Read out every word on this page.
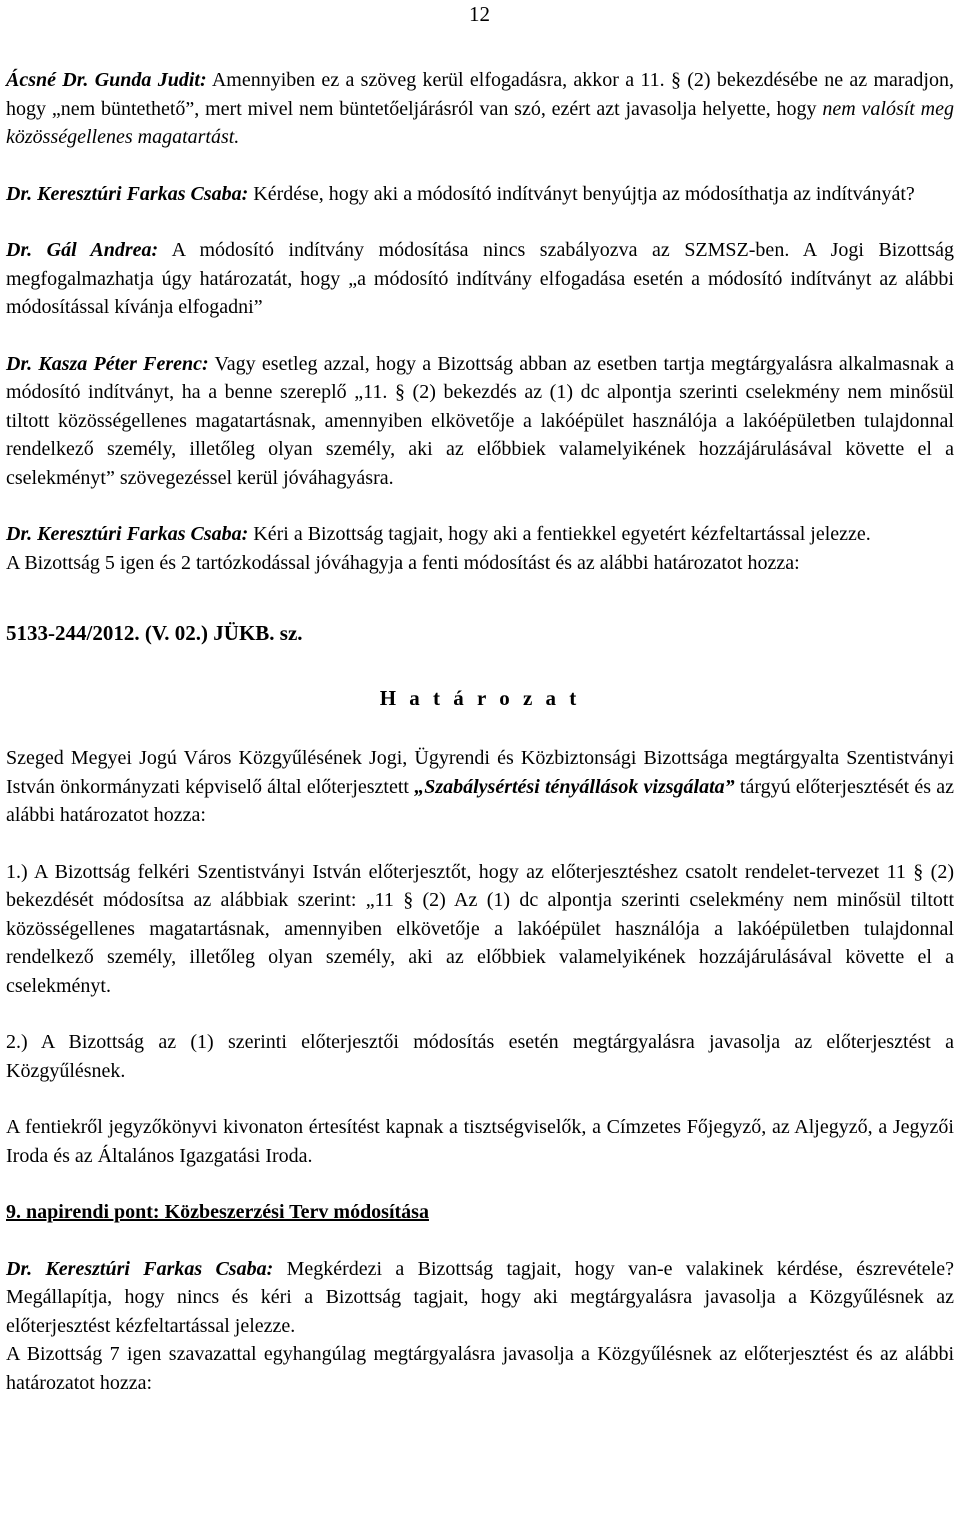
12

Ácsné Dr. Gunda Judit: Amennyiben ez a szöveg kerül elfogadásra, akkor a 11. § (2) bekezdésébe ne az maradjon, hogy „nem büntethető”, mert mivel nem büntetőeljárásról van szó, ezért azt javasolja helyette, hogy nem valósít meg közösségellenes magatartást.

Dr. Keresztúri Farkas Csaba: Kérdése, hogy aki a módosító indítványt benyújtja az módosíthatja az indítványát?

Dr. Gál Andrea: A módosító indítvány módosítása nincs szabályozva az SZMSZ-ben. A Jogi Bizottság megfogalmazhatja úgy határozatát, hogy „a módosító indítvány elfogadása esetén a módosító indítványt az alábbi módosítással kívánja elfogadni”

Dr. Kasza Péter Ferenc: Vagy esetleg azzal, hogy a Bizottság abban az esetben tartja megtárgyalásra alkalmasnak a módosító indítványt, ha a benne szereplő „11. § (2) bekezdés az (1) dc alpontja szerinti cselekmény nem minősül tiltott közösségellenes magatartásnak, amennyiben elkövetője a lakóépület használója a lakóépületben tulajdonnal rendelkező személy, illetőleg olyan személy, aki az előbbiek valamelyikének hozzájárulásával követte el a cselekményt” szövegezéssel kerül jóváhagyásra.

Dr. Keresztúri Farkas Csaba: Kéri a Bizottság tagjait, hogy aki a fentiekkel egyetért kézfeltartással jelezze.

A Bizottság 5 igen és 2 tartózkodással jóváhagyja a fenti módosítást és az alábbi határozatot hozza:

5133-244/2012. (V. 02.) JÜKB. sz.

H a t á r o z a t

Szeged Megyei Jogú Város Közgyűlésének Jogi, Ügyrendi és Közbiztonsági Bizottsága megtárgyalta Szentistványi István önkormányzati képviselő által előterjesztett „Szabálysértési tényállások vizsgálata” tárgyú előterjesztését és az alábbi határozatot hozza:

1.) A Bizottság felkéri Szentistványi István előterjesztőt, hogy az előterjesztéshez csatolt rendelet-tervezet 11 § (2) bekezdését módosítsa az alábbiak szerint: „11 § (2) Az (1) dc alpontja szerinti cselekmény nem minősül tiltott közösségellenes magatartásnak, amennyiben elkövetője a lakóépület használója a lakóépületben tulajdonnal rendelkező személy, illetőleg olyan személy, aki az előbbiek valamelyikének hozzájárulásával követte el a cselekményt.

2.) A Bizottság az (1) szerinti előterjesztői módosítás esetén megtárgyalásra javasolja az előterjesztést a Közgyűlésnek.

A fentiekről jegyzőkönyvi kivonaton értesítést kapnak a tisztségviselők, a Címzetes Főjegyző, az Aljegyző, a Jegyzői Iroda és az Általános Igazgatási Iroda.

9. napirendi pont: Közbeszerzési Terv módosítása

Dr. Keresztúri Farkas Csaba: Megkérdezi a Bizottság tagjait, hogy van-e valakinek kérdése, észrevétele? Megállapítja, hogy nincs és kéri a Bizottság tagjait, hogy aki megtárgyalásra javasolja a Közgyűlésnek az előterjesztést kézfeltartással jelezze.

A Bizottság 7 igen szavazattal egyhangúlag megtárgyalásra javasolja a Közgyűlésnek az előterjesztést és az alábbi határozatot hozza:
